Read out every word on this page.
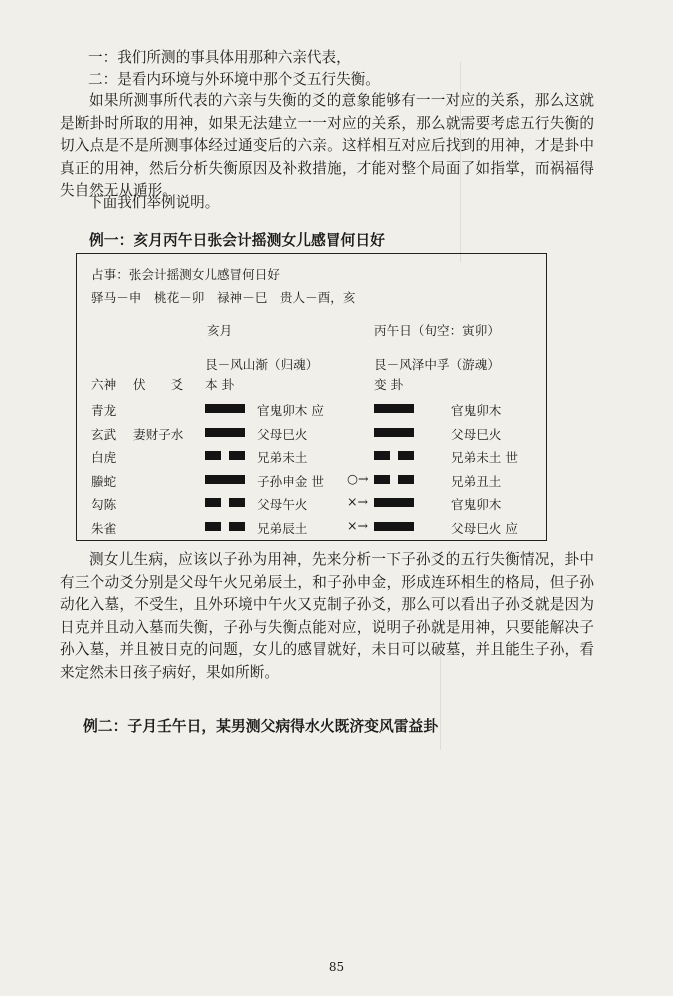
一：我们所测的事具体用那种六亲代表，
二：是看内环境与外环境中那个爻五行失衡。
如果所测事所代表的六亲与失衡的爻的意象能够有一一对应的关系，那么这就是断卦时所取的用神，如果无法建立一一对应的关系，那么就需要考虑五行失衡的切入点是不是所测事体经过通变后的六亲。这样相互对应后找到的用神，才是卦中真正的用神，然后分析失衡原因及补救措施，才能对整个局面了如指掌，而祸福得失自然无从遁形。
下面我们举例说明。
例一：亥月丙午日张会计摇测女儿感冒何日好
占事：张会计摇测女儿感冒何日好
驿马－申　桃花－卯　禄神－巳　贵人－酉，亥
亥月	丙午日（旬空：寅卯）
艮－风山渐（归魂）	艮－风泽中孚（游魂）
六神 伏　　爻 本 卦	变 卦
青龙	官鬼卯木 应	官鬼卯木
玄武 妻财子水	父母巳火	父母巳火
白虎	兄弟未土	兄弟未土 世
螣蛇	子孙申金 世 ○→	兄弟丑土
勾陈	父母午火	×→	官鬼卯木
朱雀	兄弟辰土	×→	父母巳火 应
测女儿生病，应该以子孙为用神，先来分析一下子孙爻的五行失衡情况，卦中有三个动爻分别是父母午火兄弟辰土，和子孙申金，形成连环相生的格局，但子孙动化入墓，不受生，且外环境中午火又克制子孙爻，那么可以看出子孙爻就是因为日克并且动入墓而失衡，子孙与失衡点能对应，说明子孙就是用神，只要能解决子孙入墓，并且被日克的问题，女儿的感冒就好，未日可以破墓，并且能生子孙，看来定然未日孩子病好，果如所断。
例二：子月壬午日，某男测父病得水火既济变风雷益卦
85
